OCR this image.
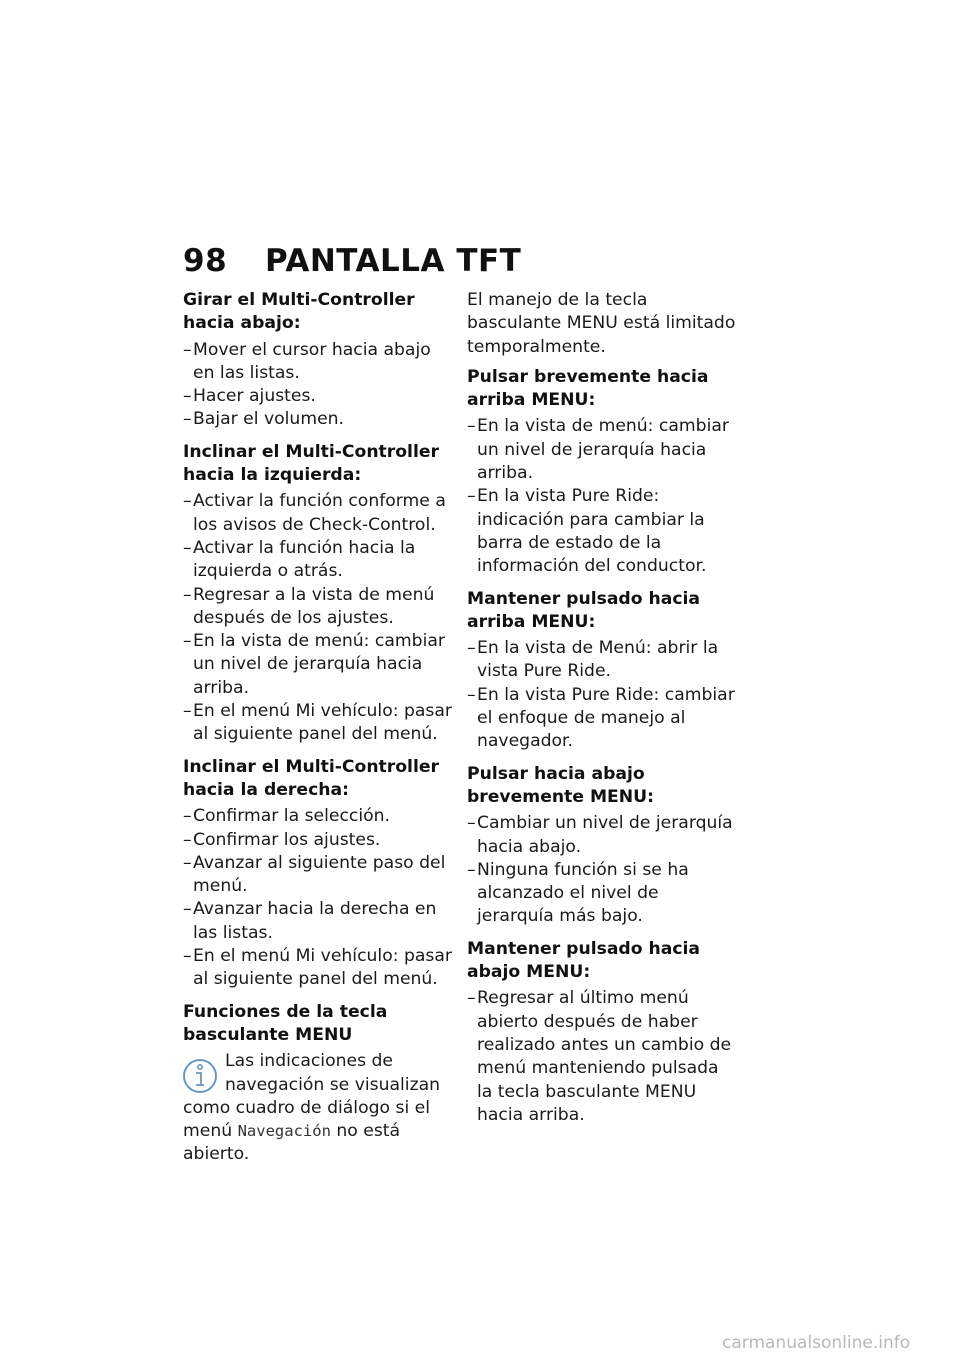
98 PANTALLA TFT
Girar el Multi-Controller hacia abajo:
–Mover el cursor hacia abajo en las listas.
–Hacer ajustes.
–Bajar el volumen.
Inclinar el Multi-Controller hacia la izquierda:
–Activar la función conforme a los avisos de Check-Control.
–Activar la función hacia la izquierda o atrás.
–Regresar a la vista de menú después de los ajustes.
–En la vista de menú: cambiar un nivel de jerarquía hacia arriba.
–En el menú Mi vehículo: pasar al siguiente panel del menú.
Inclinar el Multi-Controller hacia la derecha:
–Confirmar la selección.
–Confirmar los ajustes.
–Avanzar al siguiente paso del menú.
–Avanzar hacia la derecha en las listas.
–En el menú Mi vehículo: pasar al siguiente panel del menú.
Funciones de la tecla basculante MENU
Las indicaciones de navegación se visualizan como cuadro de diálogo si el menú Navegación no está abierto.
El manejo de la tecla basculante MENU está limitado temporalmente.
Pulsar brevemente hacia arriba MENU:
–En la vista de menú: cambiar un nivel de jerarquía hacia arriba.
–En la vista Pure Ride: indicación para cambiar la barra de estado de la información del conductor.
Mantener pulsado hacia arriba MENU:
–En la vista de Menú: abrir la vista Pure Ride.
–En la vista Pure Ride: cambiar el enfoque de manejo al navegador.
Pulsar hacia abajo brevemente MENU:
–Cambiar un nivel de jerarquía hacia abajo.
–Ninguna función si se ha alcanzado el nivel de jerarquía más bajo.
Mantener pulsado hacia abajo MENU:
–Regresar al último menú abierto después de haber realizado antes un cambio de menú manteniendo pulsada la tecla basculante MENU hacia arriba.
carmanualsonline.info
